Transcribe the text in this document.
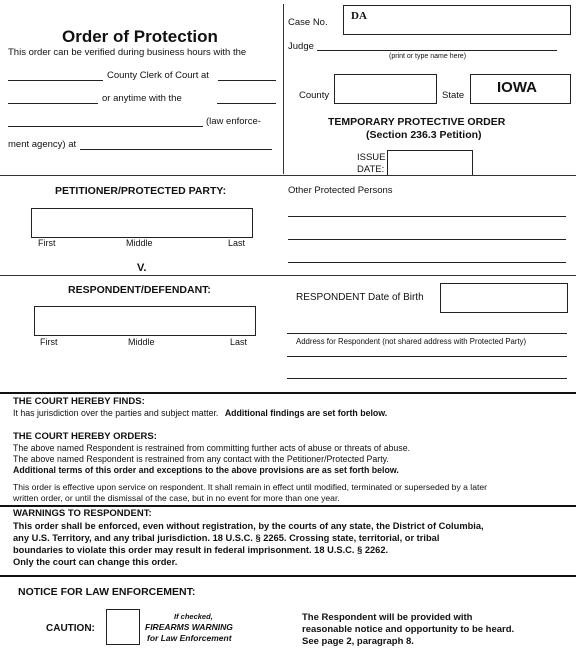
Order of Protection
This order can be verified during business hours with the
County Clerk of Court at
or anytime with the
(law enforce-
ment agency) at
Case No.
DA
Judge
(print or type name here)
County	State IOWA
TEMPORARY PROTECTIVE ORDER
(Section 236.3 Petition)
ISSUE
DATE:
PETITIONER/PROTECTED PARTY:
First	Middle	Last
V.
Other Protected Persons
RESPONDENT/DEFENDANT:
First	Middle	Last
RESPONDENT Date of Birth
Address for Respondent (not shared address with Protected Party)
THE COURT HEREBY FINDS:
It has jurisdiction over the parties and subject matter. Additional findings are set forth below.
THE COURT HEREBY ORDERS:
The above named Respondent is restrained from committing further acts of abuse or threats of abuse.
The above named Respondent is restrained from any contact with the Petitioner/Protected Party.
Additional terms of this order and exceptions to the above provisions are as set forth below.
This order is effective upon service on respondent. It shall remain in effect until modified, terminated or superseded by a later
written order, or until the dismissal of the case, but in no event for more than one year.
WARNINGS TO RESPONDENT:
This order shall be enforced, even without registration, by the courts of any state, the District of Columbia,
any U.S. Territory, and any tribal jurisdiction. 18 U.S.C. § 2265. Crossing state, territorial, or tribal
boundaries to violate this order may result in federal imprisonment. 18 U.S.C. § 2262.
Only the court can change this order.
NOTICE FOR LAW ENFORCEMENT:
CAUTION:
If checked,
FIREARMS WARNING
for Law Enforcement
The Respondent will be provided with
reasonable notice and opportunity to be heard.
See page 2, paragraph 8.
